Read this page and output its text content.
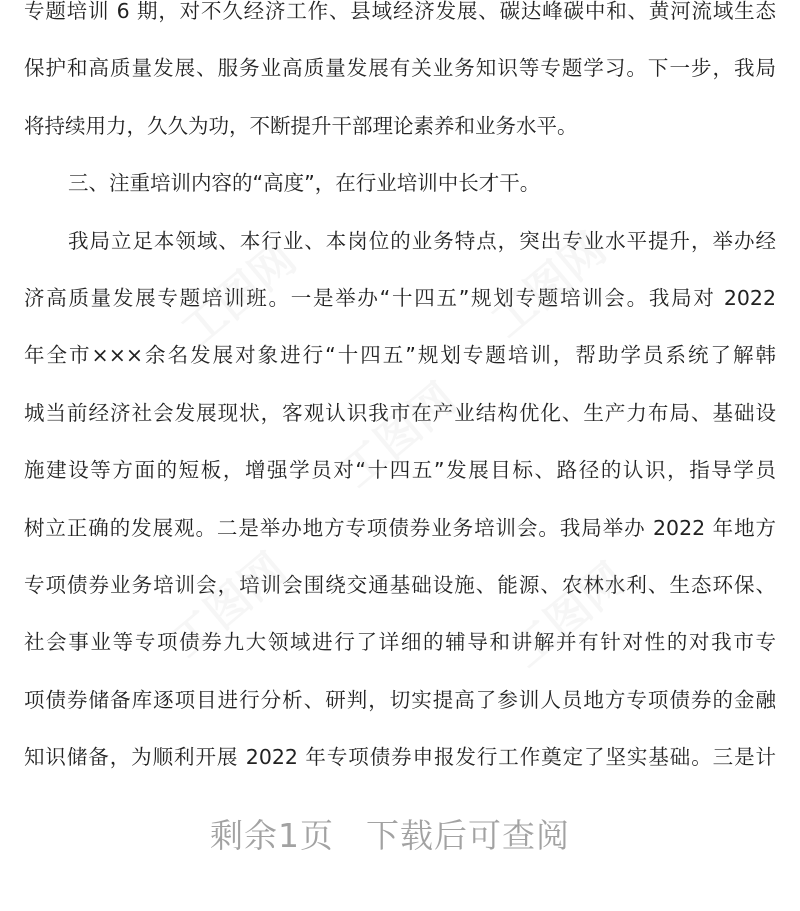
专题培训 6 期，对不久经济工作、县域经济发展、碳达峰碳中和、黄河流域生态
保护和高质量发展、服务业高质量发展有关业务知识等专题学习。下一步，我局
将持续用力，久久为功，不断提升干部理论素养和业务水平。
三、注重培训内容的“高度”，在行业培训中长才干。
我局立足本领域、本行业、本岗位的业务特点，突出专业水平提升，举办经
济高质量发展专题培训班。一是举办“十四五”规划专题培训会。我局对 2022
年全市×××余名发展对象进行“十四五”规划专题培训，帮助学员系统了解韩
城当前经济社会发展现状，客观认识我市在产业结构优化、生产力布局、基础设
施建设等方面的短板，增强学员对“十四五”发展目标、路径的认识，指导学员
树立正确的发展观。二是举办地方专项债券业务培训会。我局举办 2022 年地方
专项债券业务培训会，培训会围绕交通基础设施、能源、农林水利、生态环保、
社会事业等专项债券九大领域进行了详细的辅导和讲解并有针对性的对我市专
项债券储备库逐项目进行分析、研判，切实提高了参训人员地方专项债券的金融
知识储备，为顺利开展 2022 年专项债券申报发行工作奠定了坚实基础。三是计
工图网	工图网
工图网
工图网	工图网
剩余1页 下载后可查阅
